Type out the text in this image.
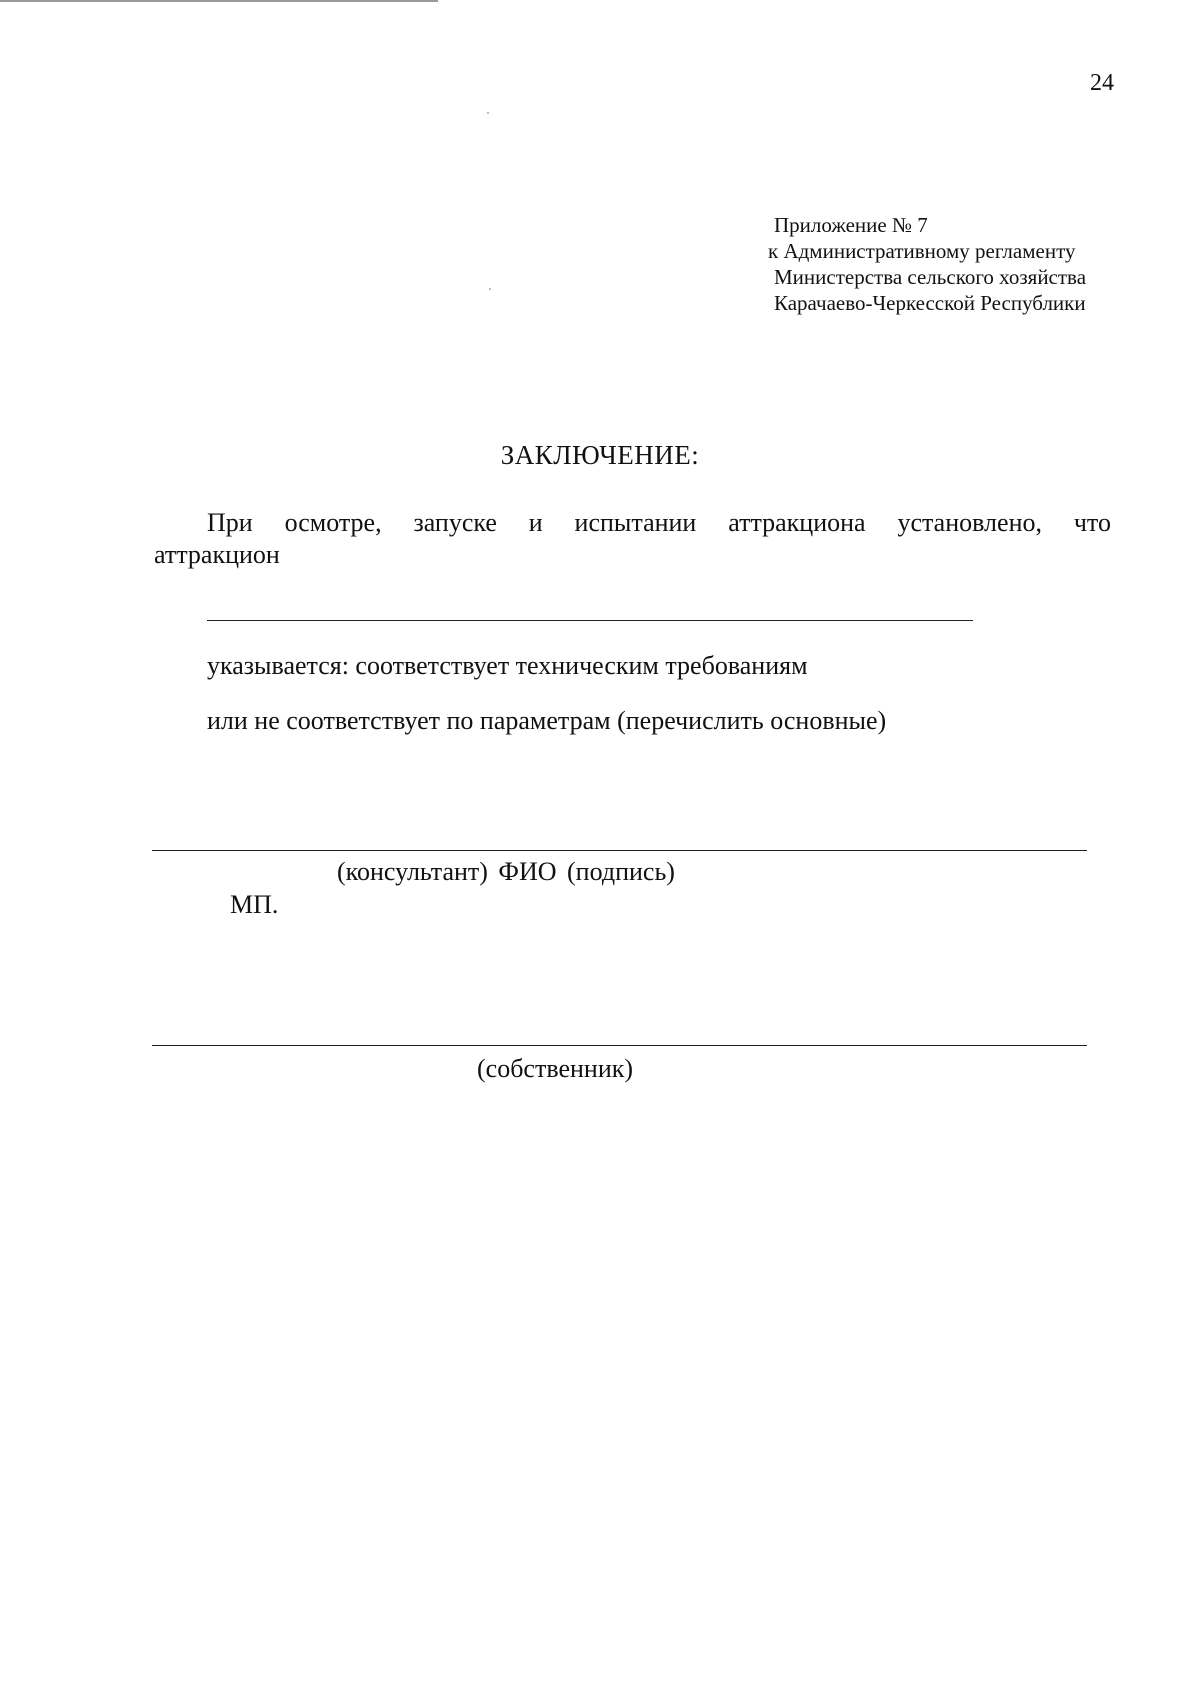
24
Приложение № 7
к Административному регламенту
Министерства сельского хозяйства
Карачаево-Черкесской Республики
ЗАКЛЮЧЕНИЕ:
При осмотре, запуске и испытании аттракциона установлено, что
аттракцион
указывается: соответствует техническим требованиям
или не соответствует по параметрам (перечислить основные)
(консультант) ФИО (подпись)
МП.
(собственник)
